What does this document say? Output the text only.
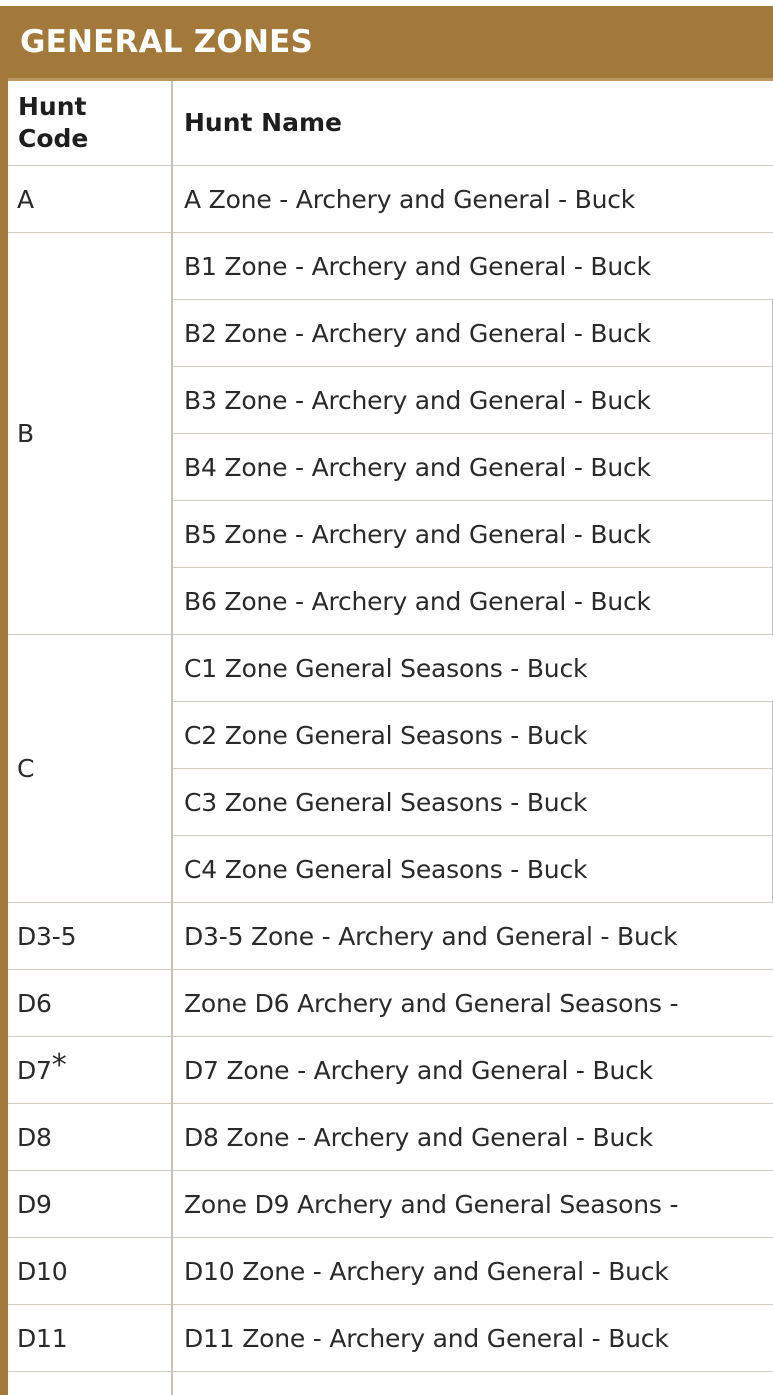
GENERAL ZONES
Hunt
Code	Hunt Name
A	A Zone - Archery and General - Buck
B	B1 Zone - Archery and General - Buck
	B2 Zone - Archery and General - Buck
	B3 Zone - Archery and General - Buck
	B4 Zone - Archery and General - Buck
	B5 Zone - Archery and General - Buck
	B6 Zone - Archery and General - Buck
C	C1 Zone General Seasons - Buck
	C2 Zone General Seasons - Buck
	C3 Zone General Seasons - Buck
	C4 Zone General Seasons - Buck
D3-5	D3-5 Zone - Archery and General - Buck
D6	Zone D6 Archery and General Seasons -
D7*	D7 Zone - Archery and General - Buck
D8	D8 Zone - Archery and General - Buck
D9	Zone D9 Archery and General Seasons -
D10	D10 Zone - Archery and General - Buck
D11	D11 Zone - Archery and General - Buck
